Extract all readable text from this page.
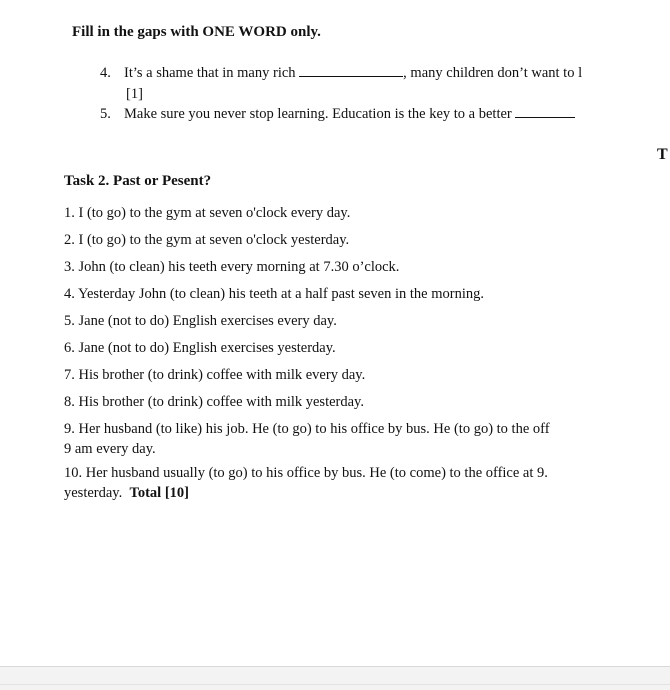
Fill in the gaps with ONE WORD only.
4. It’s a shame that in many rich	, many children don’t want to l
[1]
5. Make sure you never stop learning. Education is the key to a better
T
Task 2. Past or Pesent?
1. I (to go) to the gym at seven o'clock every day.
2. I (to go) to the gym at seven o'clock yesterday.
3. John (to clean) his teeth every morning at 7.30 o’clock.
4. Yesterday John (to clean) his teeth at a half past seven in the morning.
5. Jane (not to do) English exercises every day.
6. Jane (not to do) English exercises yesterday.
7. His brother (to drink) coffee with milk every day.
8. His brother (to drink) coffee with milk yesterday.
9. Her husband (to like) his job. He (to go) to his office by bus. He (to go) to the off
9 am every day.
10. Her husband usually (to go) to his office by bus. He (to come) to the office at 9.
yesterday. Total [10]
